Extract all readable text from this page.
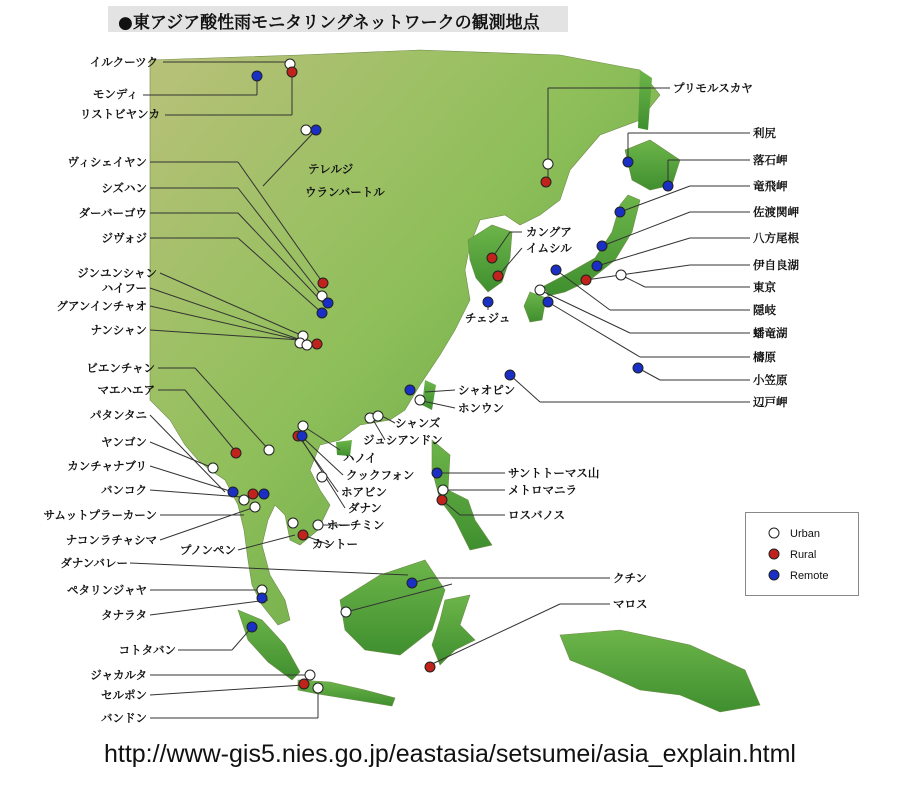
●東アジア酸性雨モニタリングネットワークの観測地点
イルクーツク
モンディ
リストビヤンカ
テレルジ
ウランバートル
ヴィシェイヤン
シズハン
ダーバーゴウ
ジヴォジ
ジンユンシャン
ハイフー
グアンインチャオ
ナンシャン
ビエンチャン
マエハエア
パタンタニ
ヤンゴン
カンチャナブリ
バンコク
サムットプラーカーン
ナコンラチャシマ
プノンペン	カントー
ダナンバレー
ペタリンジャヤ
タナラタ
コトタバン
ジャカルタ
セルポン
バンドン
ホーチミン
ダナン
ホアビン
クックフォン
ハノイ
ジュシアンドン
シャンズ
ホンウン
シャオピン
チェジュ
イムシル
カングア
プリモルスカヤ
利尻
落石岬
竜飛岬
佐渡関岬
八方尾根
伊自良湖
東京
隠岐
蟠竜湖
檮原
小笠原
辺戸岬
サントトーマス山
メトロマニラ
ロスバノス
クチン
マロス
Urban
Rural
Remote
http://www-gis5.nies.go.jp/eastasia/setsumei/asia_explain.html
